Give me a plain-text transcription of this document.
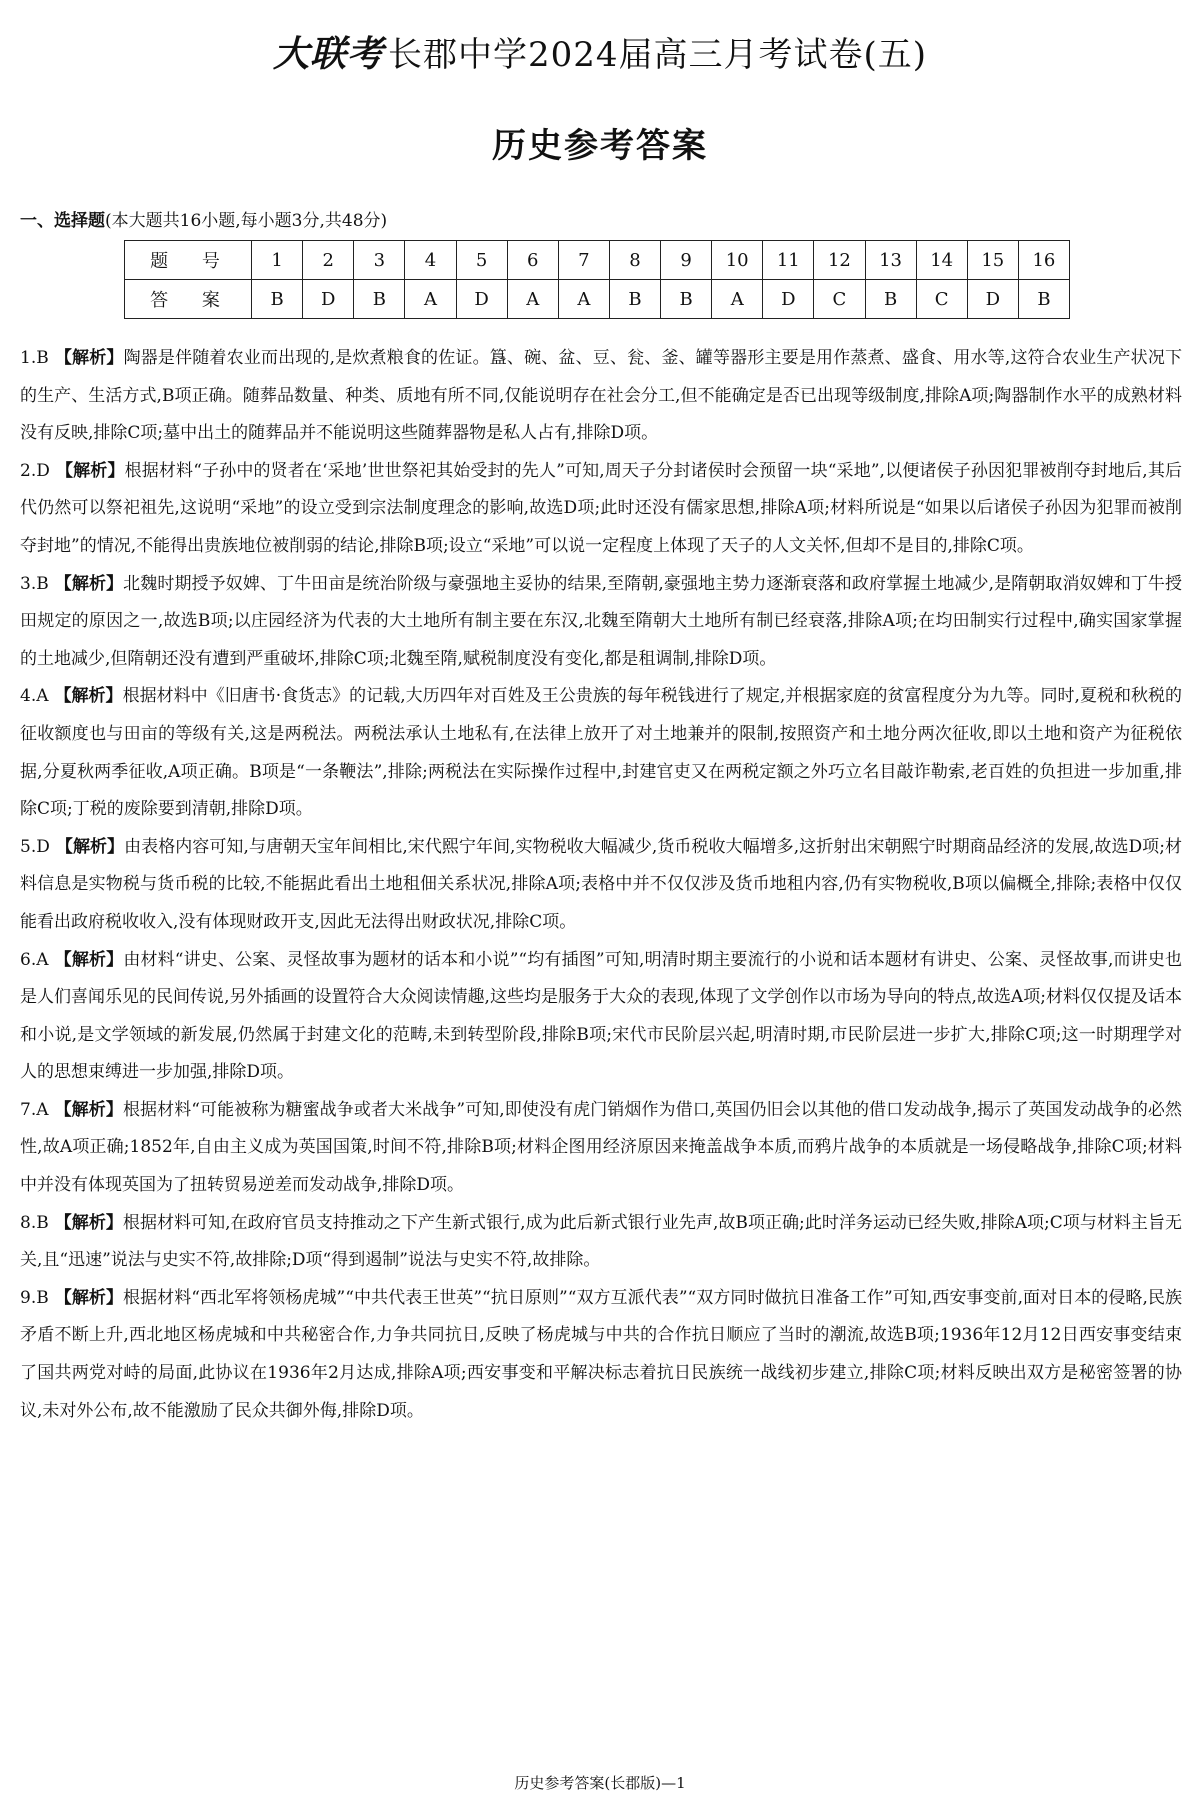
大联考 长郡中学2024届高三月考试卷(五)
历史参考答案
一、选择题(本大题共16小题,每小题3分,共48分)
题 号	1	2	3	4	5	6	7	8	9	10	11	12	13	14	15	16
答 案	B	D	B	A	D	A	A	B	B	A	D	C	B	C	D	B
1.B 【解析】陶器是伴随着农业而出现的,是炊煮粮食的佐证。簋、碗、盆、豆、瓮、釜、罐等器形主要是用作蒸煮、盛食、用水等,这符合农业生产状况下的生产、生活方式,B项正确。随葬品数量、种类、质地有所不同,仅能说明存在社会分工,但不能确定是否已出现等级制度,排除A项;陶器制作水平的成熟材料没有反映,排除C项;墓中出土的随葬品并不能说明这些随葬器物是私人占有,排除D项。
2.D 【解析】根据材料“子孙中的贤者在‘采地’世世祭祀其始受封的先人”可知,周天子分封诸侯时会预留一块“采地”,以便诸侯子孙因犯罪被削夺封地后,其后代仍然可以祭祀祖先,这说明“采地”的设立受到宗法制度理念的影响,故选D项;此时还没有儒家思想,排除A项;材料所说是“如果以后诸侯子孙因为犯罪而被削夺封地”的情况,不能得出贵族地位被削弱的结论,排除B项;设立“采地”可以说一定程度上体现了天子的人文关怀,但却不是目的,排除C项。
3.B 【解析】北魏时期授予奴婢、丁牛田亩是统治阶级与豪强地主妥协的结果,至隋朝,豪强地主势力逐渐衰落和政府掌握土地减少,是隋朝取消奴婢和丁牛授田规定的原因之一,故选B项;以庄园经济为代表的大土地所有制主要在东汉,北魏至隋朝大土地所有制已经衰落,排除A项;在均田制实行过程中,确实国家掌握的土地减少,但隋朝还没有遭到严重破坏,排除C项;北魏至隋,赋税制度没有变化,都是租调制,排除D项。
4.A 【解析】根据材料中《旧唐书·食货志》的记载,大历四年对百姓及王公贵族的每年税钱进行了规定,并根据家庭的贫富程度分为九等。同时,夏税和秋税的征收额度也与田亩的等级有关,这是两税法。两税法承认土地私有,在法律上放开了对土地兼并的限制,按照资产和土地分两次征收,即以土地和资产为征税依据,分夏秋两季征收,A项正确。B项是“一条鞭法”,排除;两税法在实际操作过程中,封建官吏又在两税定额之外巧立名目敲诈勒索,老百姓的负担进一步加重,排除C项;丁税的废除要到清朝,排除D项。
5.D 【解析】由表格内容可知,与唐朝天宝年间相比,宋代熙宁年间,实物税收大幅减少,货币税收大幅增多,这折射出宋朝熙宁时期商品经济的发展,故选D项;材料信息是实物税与货币税的比较,不能据此看出土地租佃关系状况,排除A项;表格中并不仅仅涉及货币地租内容,仍有实物税收,B项以偏概全,排除;表格中仅仅能看出政府税收收入,没有体现财政开支,因此无法得出财政状况,排除C项。
6.A 【解析】由材料“讲史、公案、灵怪故事为题材的话本和小说”“均有插图”可知,明清时期主要流行的小说和话本题材有讲史、公案、灵怪故事,而讲史也是人们喜闻乐见的民间传说,另外插画的设置符合大众阅读情趣,这些均是服务于大众的表现,体现了文学创作以市场为导向的特点,故选A项;材料仅仅提及话本和小说,是文学领域的新发展,仍然属于封建文化的范畴,未到转型阶段,排除B项;宋代市民阶层兴起,明清时期,市民阶层进一步扩大,排除C项;这一时期理学对人的思想束缚进一步加强,排除D项。
7.A 【解析】根据材料“可能被称为糖蜜战争或者大米战争”可知,即使没有虎门销烟作为借口,英国仍旧会以其他的借口发动战争,揭示了英国发动战争的必然性,故A项正确;1852年,自由主义成为英国国策,时间不符,排除B项;材料企图用经济原因来掩盖战争本质,而鸦片战争的本质就是一场侵略战争,排除C项;材料中并没有体现英国为了扭转贸易逆差而发动战争,排除D项。
8.B 【解析】根据材料可知,在政府官员支持推动之下产生新式银行,成为此后新式银行业先声,故B项正确;此时洋务运动已经失败,排除A项;C项与材料主旨无关,且“迅速”说法与史实不符,故排除;D项“得到遏制”说法与史实不符,故排除。
9.B 【解析】根据材料“西北军将领杨虎城”“中共代表王世英”“抗日原则”“双方互派代表”“双方同时做抗日准备工作”可知,西安事变前,面对日本的侵略,民族矛盾不断上升,西北地区杨虎城和中共秘密合作,力争共同抗日,反映了杨虎城与中共的合作抗日顺应了当时的潮流,故选B项;1936年12月12日西安事变结束了国共两党对峙的局面,此协议在1936年2月达成,排除A项;西安事变和平解决标志着抗日民族统一战线初步建立,排除C项;材料反映出双方是秘密签署的协议,未对外公布,故不能激励了民众共御外侮,排除D项。
历史参考答案(长郡版)—1
